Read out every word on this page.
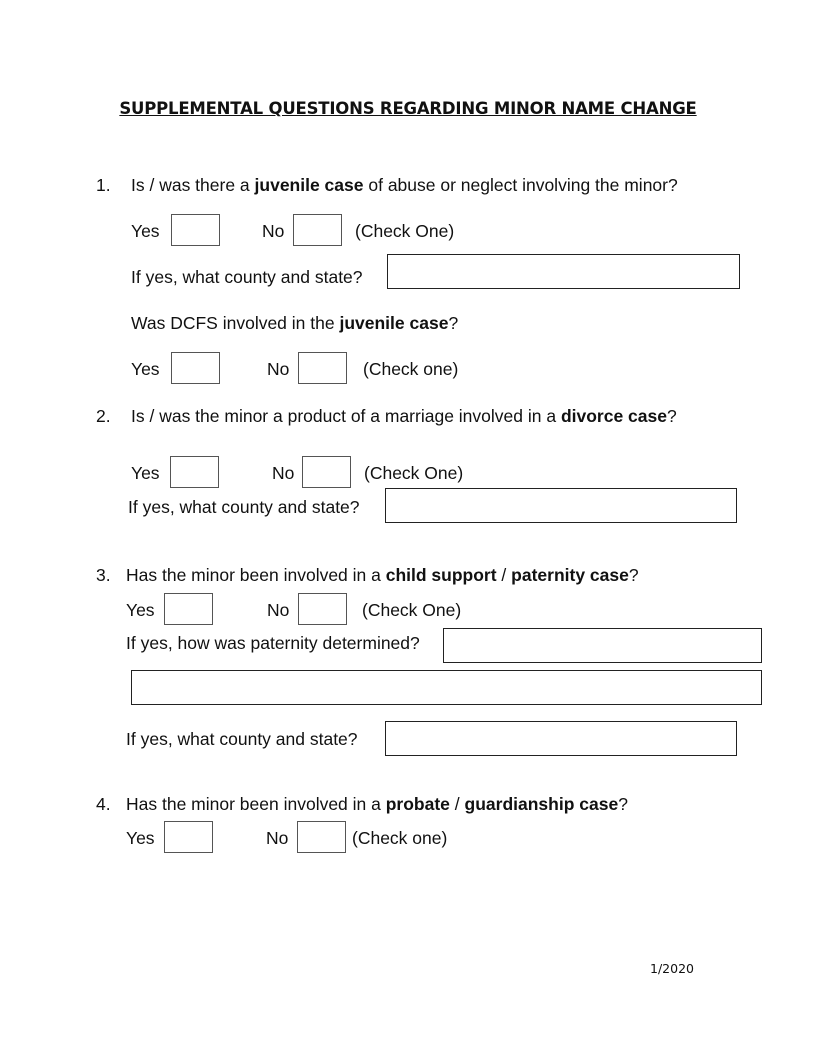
SUPPLEMENTAL QUESTIONS REGARDING MINOR NAME CHANGE
1. Is / was there a juvenile case of abuse or neglect involving the minor?
Yes	No	(Check One)
If yes, what county and state?
Was DCFS involved in the juvenile case?
Yes	No	(Check one)
2. Is / was the minor a product of a marriage involved in a divorce case?
Yes	No	(Check One)
If yes, what county and state?
3. Has the minor been involved in a child support / paternity case?
Yes	No	(Check One)
If yes, how was paternity determined?
If yes, what county and state?
4. Has the minor been involved in a probate / guardianship case?
Yes	No	(Check one)
1/2020
